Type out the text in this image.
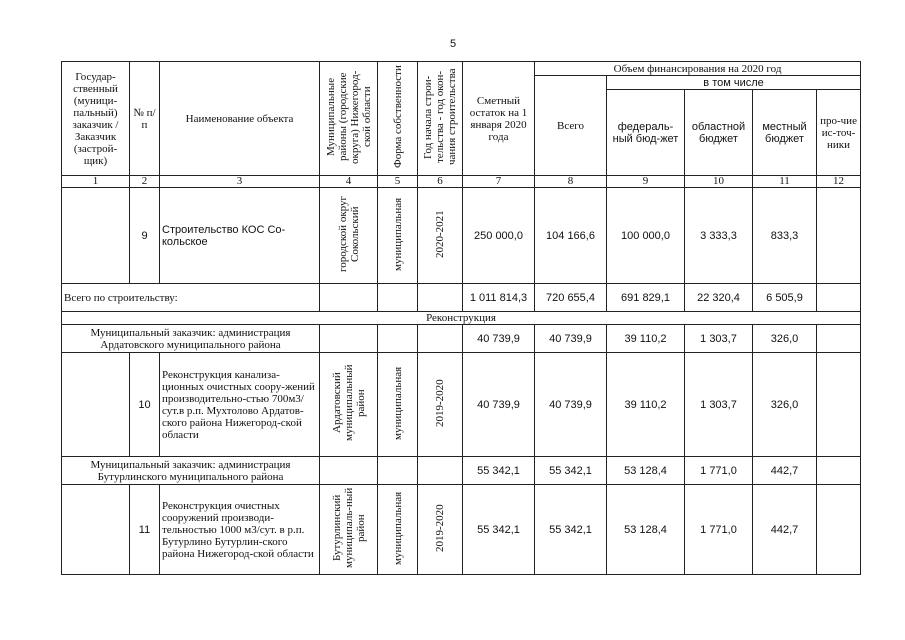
5
Государ-ственный (муници-пальный) заказчик / Заказчик (застрой-щик)	№ п/п	Наименование объекта	Муниципальные районы (городские округа) Нижегород-ской области	Форма собственности	Год начала строи-тельства - год окон-чания строительства	Сметный остаток на 1 января 2020 года	Объем финансирования на 2020 год				
							Всего	в том числе			
								федераль-ный бюд-жет	областной бюджет	местный бюджет	про-чие ис-точ-ники
1	2	3	4	5	6	7	8	9	10	11	12
	9	Строительство КОС Со-кольское	городской округ Сокольский	муниципальная	2020-2021	250 000,0	104 166,6	100 000,0	3 333,3	833,3	
Всего по строительству:						1 011 814,3	720 655,4	691 829,1	22 320,4	6 505,9	
Реконструкция											
Муниципальный заказчик: администрация Ардатовского муниципального района						40 739,9	40 739,9	39 110,2	1 303,7	326,0	
	10	Реконструкция канализа-ционных очистных соору-жений производительно-стью 700м3/сут.в р.п. Мухтолово Ардатов-ского района Нижегород-ской области	Ардатовский муниципальный район	муниципальная	2019-2020	40 739,9	40 739,9	39 110,2	1 303,7	326,0	
Муниципальный заказчик: администрация Бутурлинского муниципального района						55 342,1	55 342,1	53 128,4	1 771,0	442,7	
	11	Реконструкция очистных сооружений производи-тельностью 1000 м3/сут. в р.п. Бутурлино Бутурлин-ского района Нижегород-ской области	Бутурлинский муниципаль-ный район	муниципальная	2019-2020	55 342,1	55 342,1	53 128,4	1 771,0	442,7	
